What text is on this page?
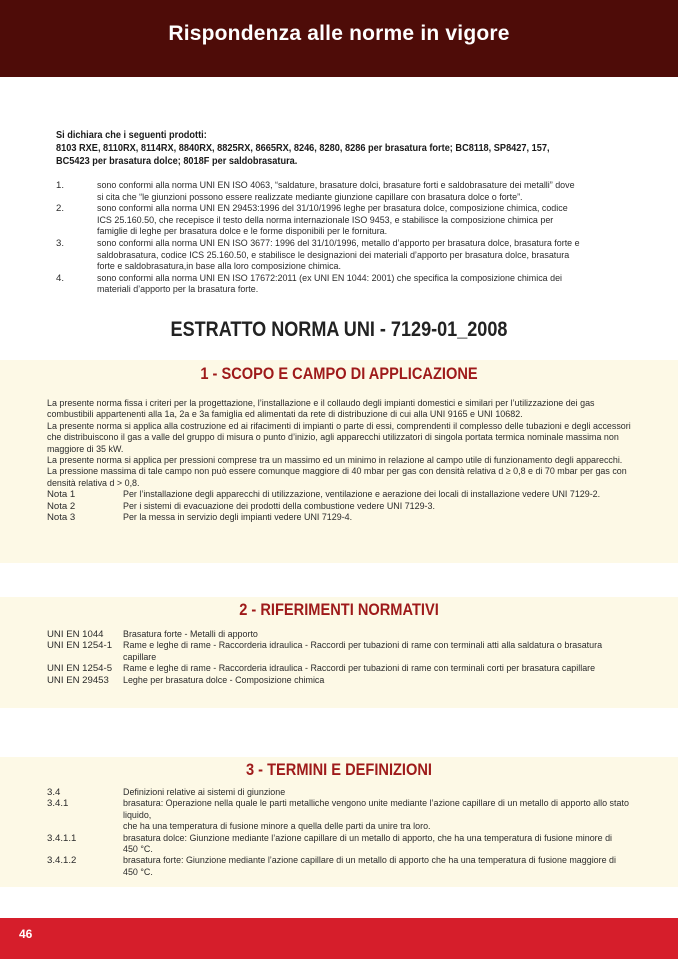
Rispondenza alle norme in vigore
Si dichiara che i seguenti prodotti:
8103 RXE, 8110RX, 8114RX, 8840RX, 8825RX, 8665RX, 8246, 8280, 8286 per brasatura forte; BC8118, SP8427, 157,
BC5423 per brasatura dolce; 8018F per saldobrasatura.
1.	sono conformi alla norma UNI EN ISO 4063, “saldature, brasature dolci, brasature forti e saldobrasature dei metalli” dove si cita che “le giunzioni possono essere realizzate mediante giunzione capillare con brasatura dolce o forte”.
2.	sono conformi alla norma UNI EN 29453:1996 del 31/10/1996 leghe per brasatura dolce, composizione chimica, codice ICS 25.160.50, che recepisce il testo della norma internazionale ISO 9453, e stabilisce la composizione chimica per famiglie di leghe per brasatura dolce e le forme disponibili per le fornitura.
3.	sono conformi alla norma UNI EN ISO 3677: 1996 del 31/10/1996, metallo d’apporto per brasatura dolce, brasatura forte e saldobrasatura, codice ICS 25.160.50, e stabilisce le designazioni dei materiali d’apporto per brasatura dolce, brasatura forte e saldobrasatura,in base alla loro composizione chimica.
4.	sono conformi alla norma UNI EN ISO 17672:2011 (ex UNI EN 1044: 2001) che specifica la composizione chimica dei materiali d’apporto per la brasatura forte.
ESTRATTO NORMA UNI - 7129-01_2008
1 - SCOPO E CAMPO DI APPLICAZIONE

La presente norma fissa i criteri per la progettazione, l’installazione e il collaudo degli impianti domestici e similari per l’utilizzazione dei gas combustibili appartenenti alla 1a, 2a e 3a famiglia ed alimentati da rete di distribuzione di cui alla UNI 9165 e UNI 10682.

La presente norma si applica alla costruzione ed ai rifacimenti di impianti o parte di essi, comprendenti il complesso delle tubazioni e degli accessori che distribuiscono il gas a valle del gruppo di misura o punto d’inizio, agli apparecchi utilizzatori di singola portata termica nominale massima non maggiore di 35 kW.

La presente norma si applica per pressioni comprese tra un massimo ed un minimo in relazione al campo utile di funzionamento degli apparecchi.

La pressione massima di tale campo non può essere comunque maggiore di 40 mbar per gas con densità relativa d ≥ 0,8 e di 70 mbar per gas con densità relativa d > 0,8.

Nota 1	Per l’installazione degli apparecchi di utilizzazione, ventilazione e aerazione dei locali di installazione vedere UNI 7129-2.
Nota 2	Per i sistemi di evacuazione dei prodotti della combustione vedere UNI 7129-3.
Nota 3	Per la messa in servizio degli impianti vedere UNI 7129-4.
2 - RIFERIMENTI NORMATIVI
UNI EN 1044	Brasatura forte - Metalli di apporto
UNI EN 1254-1	Rame e leghe di rame - Raccorderia idraulica - Raccordi per tubazioni di rame con terminali atti alla saldatura o brasatura capillare
UNI EN 1254-5	Rame e leghe di rame - Raccorderia idraulica - Raccordi per tubazioni di rame con terminali corti per brasatura capillare
UNI EN 29453	Leghe per brasatura dolce - Composizione chimica
3 - TERMINI E DEFINIZIONI
3.4	Definizioni relative ai sistemi di giunzione
3.4.1	brasatura: Operazione nella quale le parti metalliche vengono unite mediante l’azione capillare di un metallo di apporto allo stato liquido,
che ha una temperatura di fusione minore a quella delle parti da unire tra loro.
3.4.1.1	brasatura dolce: Giunzione mediante l’azione capillare di un metallo di apporto, che ha una temperatura di fusione minore di 450 °C.
3.4.1.2	brasatura forte: Giunzione mediante l’azione capillare di un metallo di apporto che ha una temperatura di fusione maggiore di 450 °C.
46
